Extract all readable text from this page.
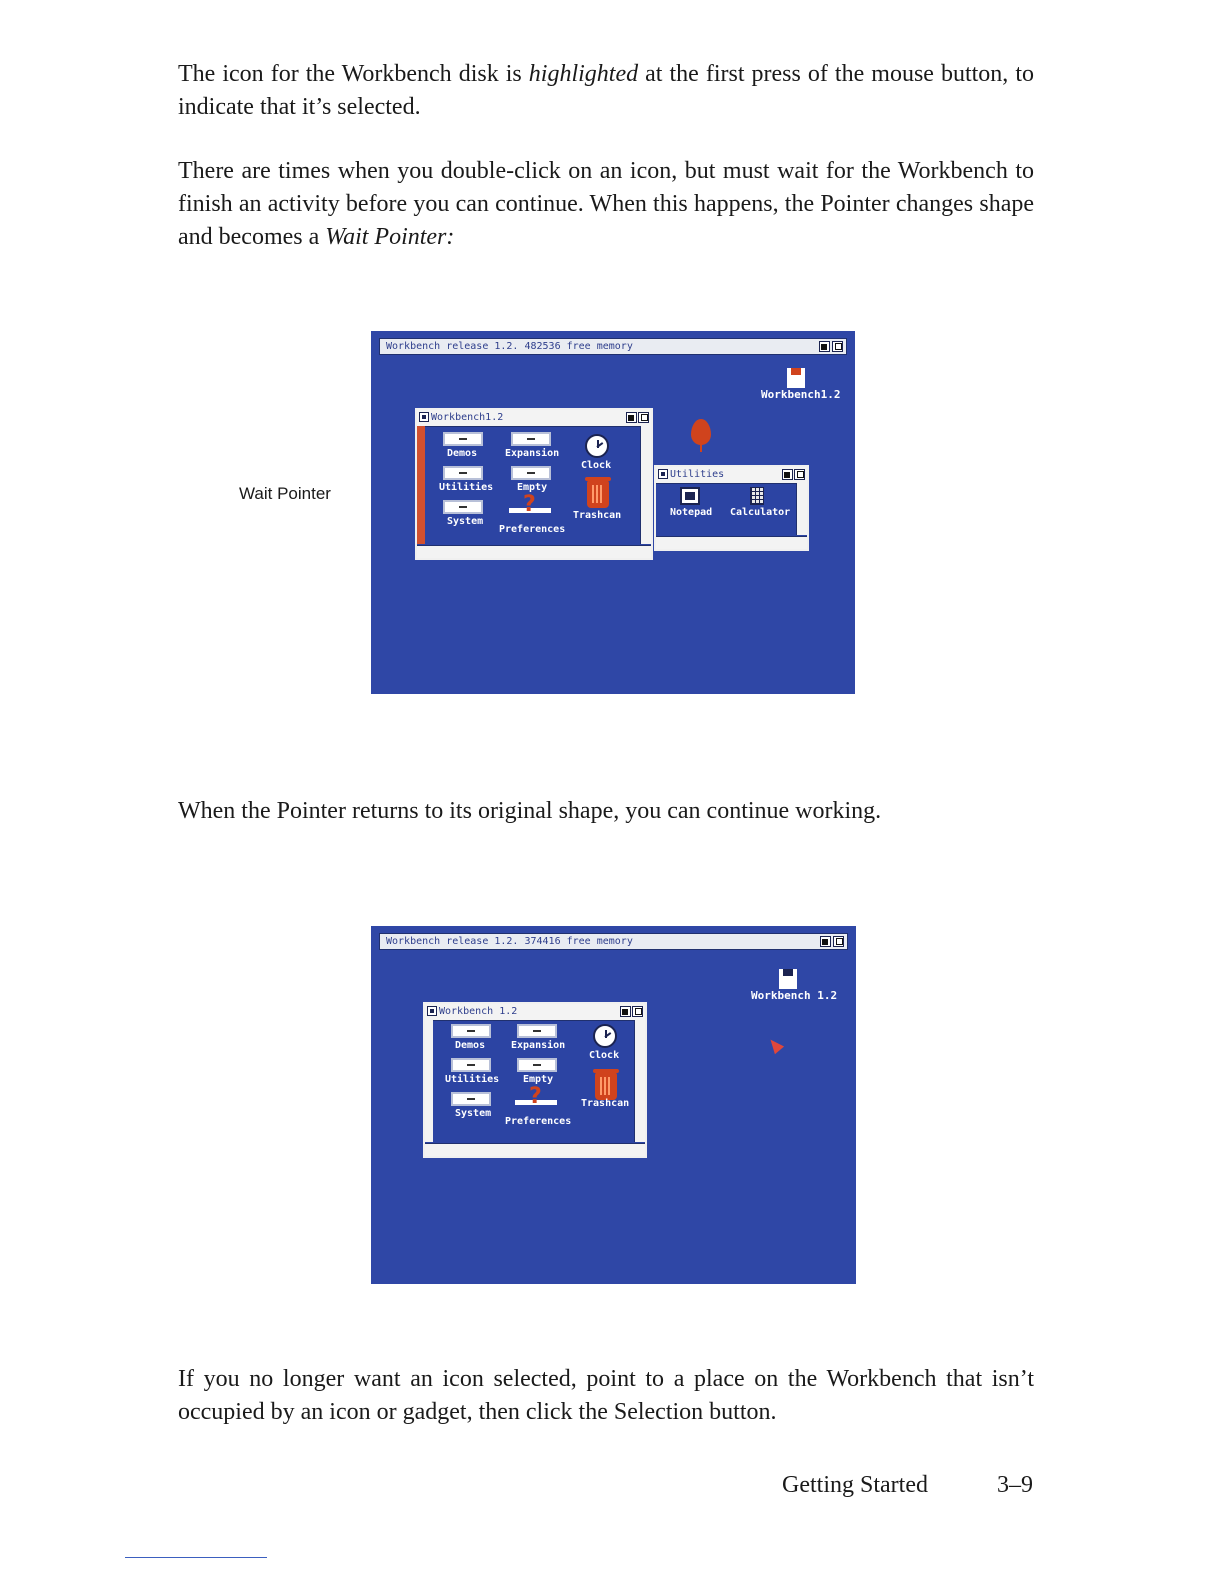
The icon for the Workbench disk is highlighted at the first press of the mouse button, to indicate that it’s selected.

There are times when you double-click on an icon, but must wait for the Workbench to finish an activity before you can continue. When this happens, the Pointer changes shape and becomes a Wait Pointer:

Wait Pointer
Workbench release 1.2. 482536 free memory
Workbench1.2
Workbench1.2
Demos	Expansion
Clock
Utilities Empty
System
?
Preferences
Trashcan
Utilities
Notepad Calculator

When the Pointer returns to its original shape, you can continue working.

Workbench release 1.2. 374416 free memory
Workbench 1.2
Workbench 1.2
Demos	Expansion
Clock
Utilities Empty
System
?
Preferences
Trashcan

If you no longer want an icon selected, point to a place on the Workbench that isn’t occupied by an icon or gadget, then click the Selection button.

Getting Started	3–9
